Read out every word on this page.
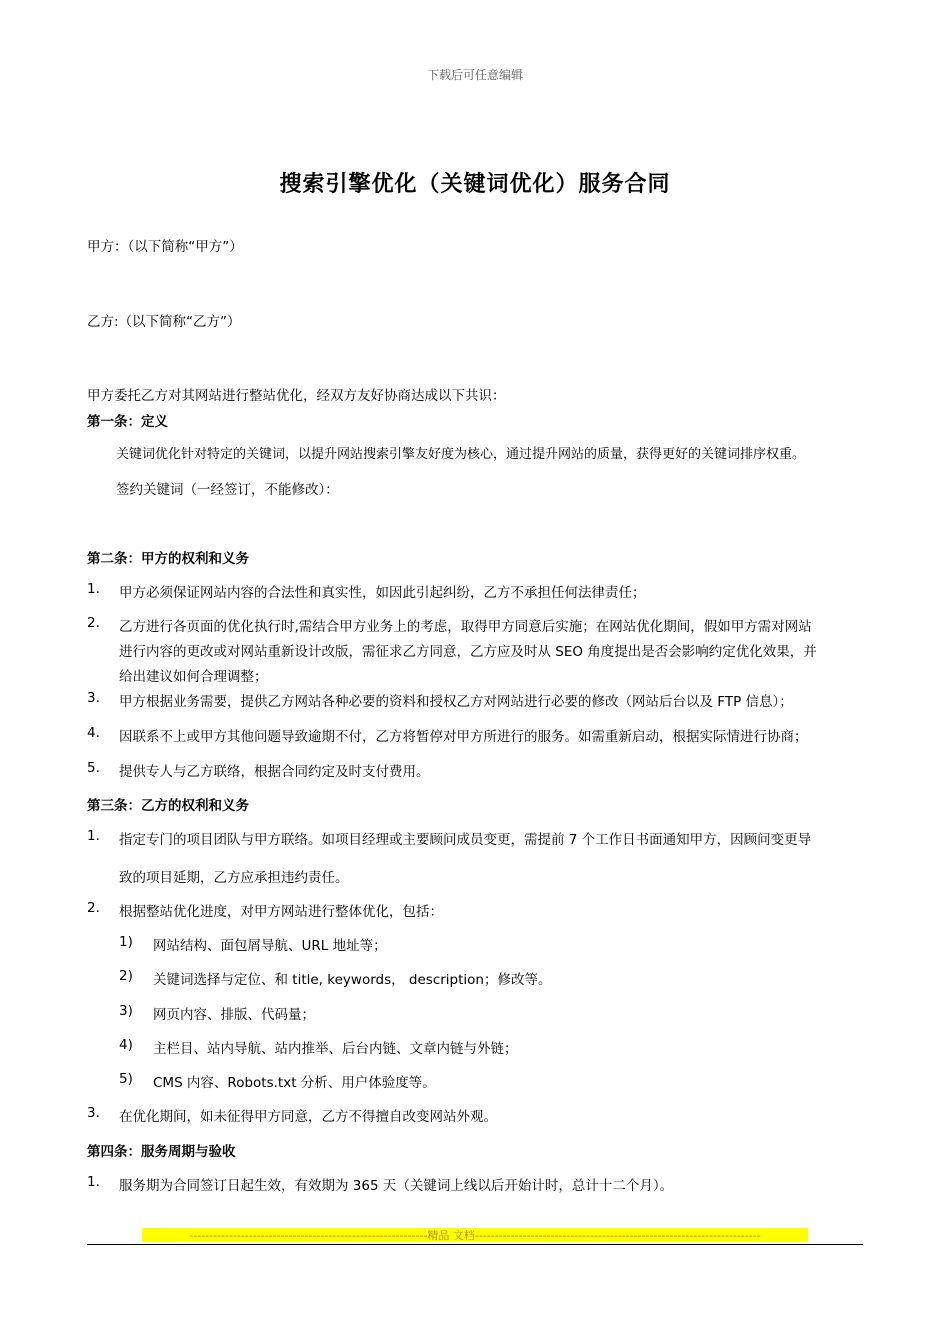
下载后可任意编辑
搜索引擎优化（关键词优化）服务合同
甲方：（以下简称“甲方”）
乙方:（以下简称“乙方”）
甲方委托乙方对其网站进行整站优化，经双方友好协商达成以下共识：
第一条：定义
关键词优化针对特定的关键词，以提升网站搜索引擎友好度为核心，通过提升网站的质量，获得更好的关键词排序权重。
签约关键词（一经签订，不能修改）：
第二条：甲方的权利和义务
1. 甲方必须保证网站内容的合法性和真实性，如因此引起纠纷，乙方不承担任何法律责任；
2. 乙方进行各页面的优化执行时,需结合甲方业务上的考虑，取得甲方同意后实施；在网站优化期间，假如甲方需对网站
进行内容的更改或对网站重新设计改版，需征求乙方同意，乙方应及时从 SEO 角度提出是否会影响约定优化效果，并
给出建议如何合理调整；
3. 甲方根据业务需要，提供乙方网站各种必要的资料和授权乙方对网站进行必要的修改（网站后台以及 FTP 信息）；
4. 因联系不上或甲方其他问题导致逾期不付，乙方将暂停对甲方所进行的服务。如需重新启动，根据实际情进行协商；
5. 提供专人与乙方联络，根据合同约定及时支付费用。
第三条：乙方的权利和义务
1. 指定专门的项目团队与甲方联络。如项目经理或主要顾问成员变更，需提前 7 个工作日书面通知甲方，因顾问变更导
致的项目延期，乙方应承担违约责任。
2. 根据整站优化进度，对甲方网站进行整体优化，包括：
1) 网站结构、面包屑导航、URL 地址等；
2) 关键词选择与定位、和 title, keywords， description；修改等。
3) 网页内容、排版、代码量；
4) 主栏目、站内导航、站内推举、后台内链、文章内链与外链；
5) CMS 内容、Robots.txt 分析、用户体验度等。
3. 在优化期间，如未征得甲方同意，乙方不得擅自改变网站外观。
第四条：服务周期与验收
1. 服务期为合同签订日起生效，有效期为 365 天（关键词上线以后开始计时，总计十二个月）。
------------------------------------------------------------精品 文档------------------------------------------------------------------------
